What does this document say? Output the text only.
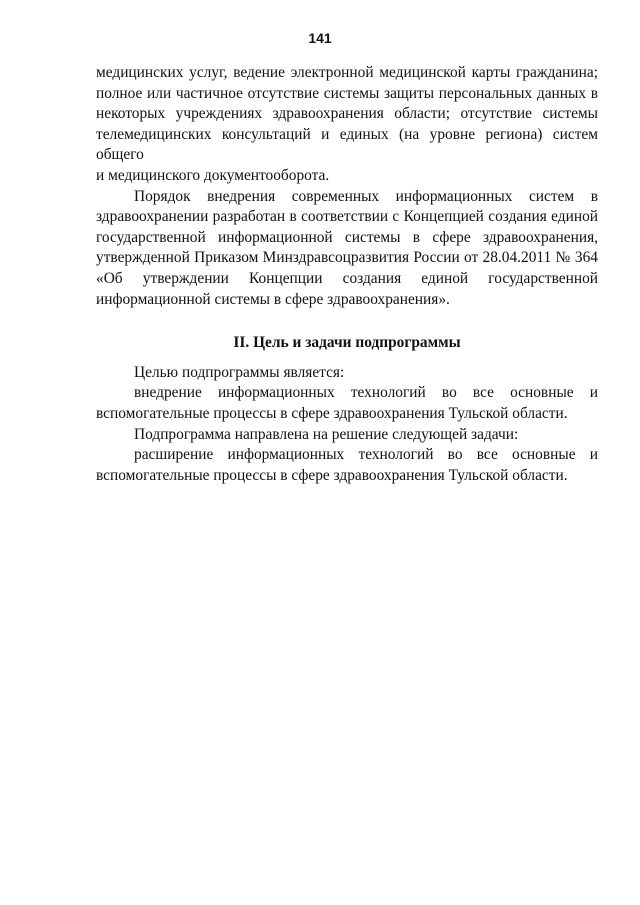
141
медицинских услуг, ведение электронной медицинской карты гражданина;
полное или частичное отсутствие системы защиты персональных данных в
некоторых учреждениях здравоохранения области; отсутствие системы
телемедицинских консультаций и единых (на уровне региона) систем общего
и медицинского документооборота.
Порядок внедрения современных информационных систем в
здравоохранении разработан в соответствии с Концепцией создания единой
государственной информационной системы в сфере здравоохранения,
утвержденной Приказом Минздравсоцразвития России от 28.04.2011 № 364
«Об утверждении Концепции создания единой государственной
информационной системы в сфере здравоохранения».
II. Цель и задачи подпрограммы
Целью подпрограммы является:
внедрение информационных технологий во все основные и
вспомогательные процессы в сфере здравоохранения Тульской области.
Подпрограмма направлена на решение следующей задачи:
расширение информационных технологий во все основные и
вспомогательные процессы в сфере здравоохранения Тульской области.
